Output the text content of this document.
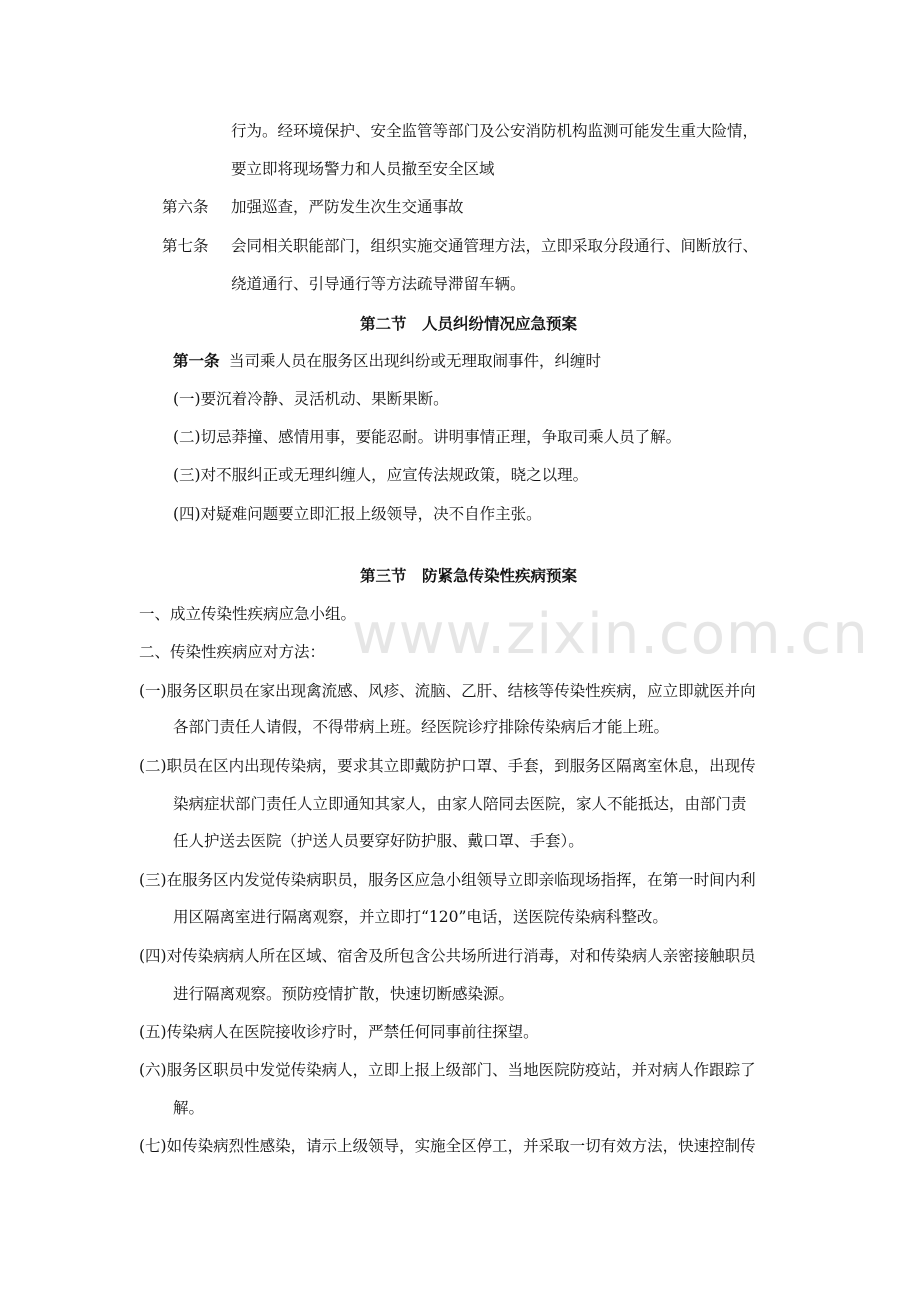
www.zixin.com.cn
行为。经环境保护、安全监管等部门及公安消防机构监测可能发生重大险情，
要立即将现场警力和人员撤至安全区域
第六条 加强巡查，严防发生次生交通事故
第七条 会同相关职能部门，组织实施交通管理方法，立即采取分段通行、间断放行、
绕道通行、引导通行等方法疏导滞留车辆。
第二节　人员纠纷情况应急预案
第一条 当司乘人员在服务区出现纠纷或无理取闹事件，纠缠时
(一)要沉着冷静、灵活机动、果断果断。
(二)切忌莽撞、感情用事，要能忍耐。讲明事情正理，争取司乘人员了解。
(三)对不服纠正或无理纠缠人，应宣传法规政策，晓之以理。
(四)对疑难问题要立即汇报上级领导，决不自作主张。
第三节　防紧急传染性疾病预案
一、成立传染性疾病应急小组。
二、传染性疾病应对方法：
(一)服务区职员在家出现禽流感、风疹、流脑、乙肝、结核等传染性疾病，应立即就医并向
各部门责任人请假，不得带病上班。经医院诊疗排除传染病后才能上班。
(二)职员在区内出现传染病，要求其立即戴防护口罩、手套，到服务区隔离室休息，出现传
染病症状部门责任人立即通知其家人，由家人陪同去医院，家人不能抵达，由部门责
任人护送去医院（护送人员要穿好防护服、戴口罩、手套）。
(三)在服务区内发觉传染病职员，服务区应急小组领导立即亲临现场指挥，在第一时间内利
用区隔离室进行隔离观察，并立即打“120”电话，送医院传染病科整改。
(四)对传染病病人所在区域、宿舍及所包含公共场所进行消毒，对和传染病人亲密接触职员
进行隔离观察。预防疫情扩散，快速切断感染源。
(五)传染病人在医院接收诊疗时，严禁任何同事前往探望。
(六)服务区职员中发觉传染病人，立即上报上级部门、当地医院防疫站，并对病人作跟踪了
解。
(七)如传染病烈性感染，请示上级领导，实施全区停工，并采取一切有效方法，快速控制传
